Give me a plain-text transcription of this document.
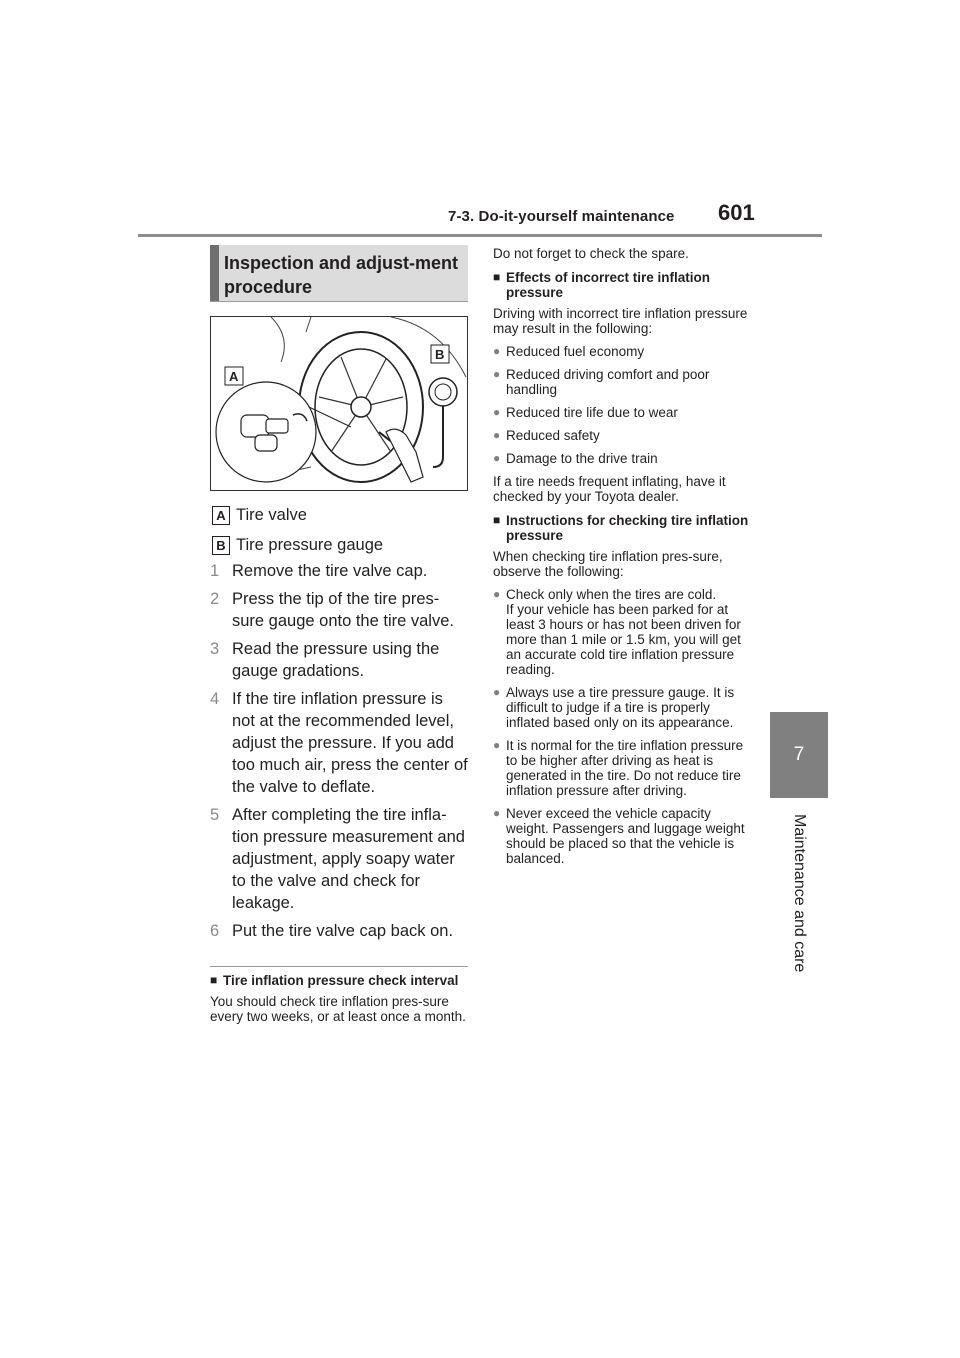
7-3. Do-it-yourself maintenance 601
7
Maintenance and care
Inspection and adjust-ment procedure
A
B
A Tire valve
B Tire pressure gauge
1 Remove the tire valve cap.
2 Press the tip of the tire pres-sure gauge onto the tire valve.
3 Read the pressure using the gauge gradations.
4 If the tire inflation pressure is not at the recommended level, adjust the pressure. If you add too much air, press the center of the valve to deflate.
5 After completing the tire infla-tion pressure measurement and adjustment, apply soapy water to the valve and check for leakage.
6 Put the tire valve cap back on.
■ Tire inflation pressure check interval
You should check tire inflation pres-sure every two weeks, or at least once a month.
Do not forget to check the spare.
■ Effects of incorrect tire inflation pressure
Driving with incorrect tire inflation pressure may result in the following:
● Reduced fuel economy
● Reduced driving comfort and poor handling
● Reduced tire life due to wear
● Reduced safety
● Damage to the drive train
If a tire needs frequent inflating, have it checked by your Toyota dealer.
■ Instructions for checking tire inflation pressure
When checking tire inflation pres-sure, observe the following:
● Check only when the tires are cold.
If your vehicle has been parked for at least 3 hours or has not been driven for more than 1 mile or 1.5 km, you will get an accurate cold tire inflation pressure reading.
● Always use a tire pressure gauge. It is difficult to judge if a tire is properly inflated based only on its appearance.
● It is normal for the tire inflation pressure to be higher after driving as heat is generated in the tire. Do not reduce tire inflation pressure after driving.
● Never exceed the vehicle capacity weight. Passengers and luggage weight should be placed so that the vehicle is balanced.
